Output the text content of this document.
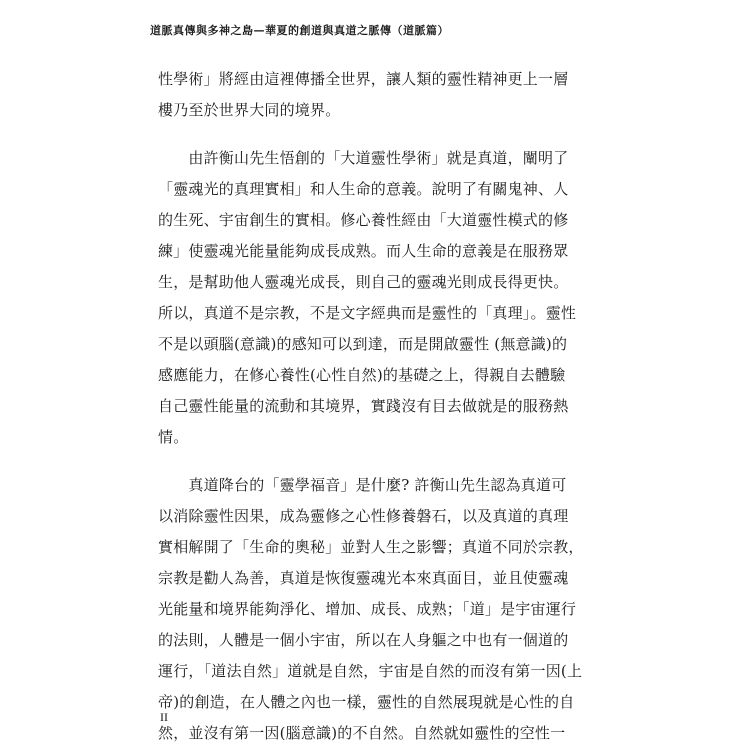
道脈真傳與多神之島—華夏的創道與真道之脈傳（道脈篇）
性學術」將經由這裡傳播全世界，讓人類的靈性精神更上一層
樓乃至於世界大同的境界。
　　由許衡山先生悟創的「大道靈性學術」就是真道，闡明了
「靈魂光的真理實相」和人生命的意義。說明了有關鬼神、人
的生死、宇宙創生的實相。修心養性經由「大道靈性模式的修
練」使靈魂光能量能夠成長成熟。而人生命的意義是在服務眾
生，是幫助他人靈魂光成長，則自己的靈魂光則成長得更快。
所以，真道不是宗教，不是文字經典而是靈性的「真理」。靈性
不是以頭腦(意識)的感知可以到達，而是開啟靈性 (無意識)的
感應能力，在修心養性(心性自然)的基礎之上，得親自去體驗
自己靈性能量的流動和其境界，實踐沒有目去做就是的服務熱
情。
　　真道降台的「靈學福音」是什麼? 許衡山先生認為真道可
以消除靈性因果，成為靈修之心性修養磐石，以及真道的真理
實相解開了「生命的奧秘」並對人生之影響；真道不同於宗教，
宗教是勸人為善，真道是恢復靈魂光本來真面目，並且使靈魂
光能量和境界能夠淨化、增加、成長、成熟；「道」是宇宙運行
的法則，人體是一個小宇宙，所以在人身軀之中也有一個道的
運行，「道法自然」道就是自然，宇宙是自然的而沒有第一因(上
帝)的創造，在人體之內也一樣，靈性的自然展現就是心性的自
然，並沒有第一因(腦意識)的不自然。自然就如靈性的空性一
II
